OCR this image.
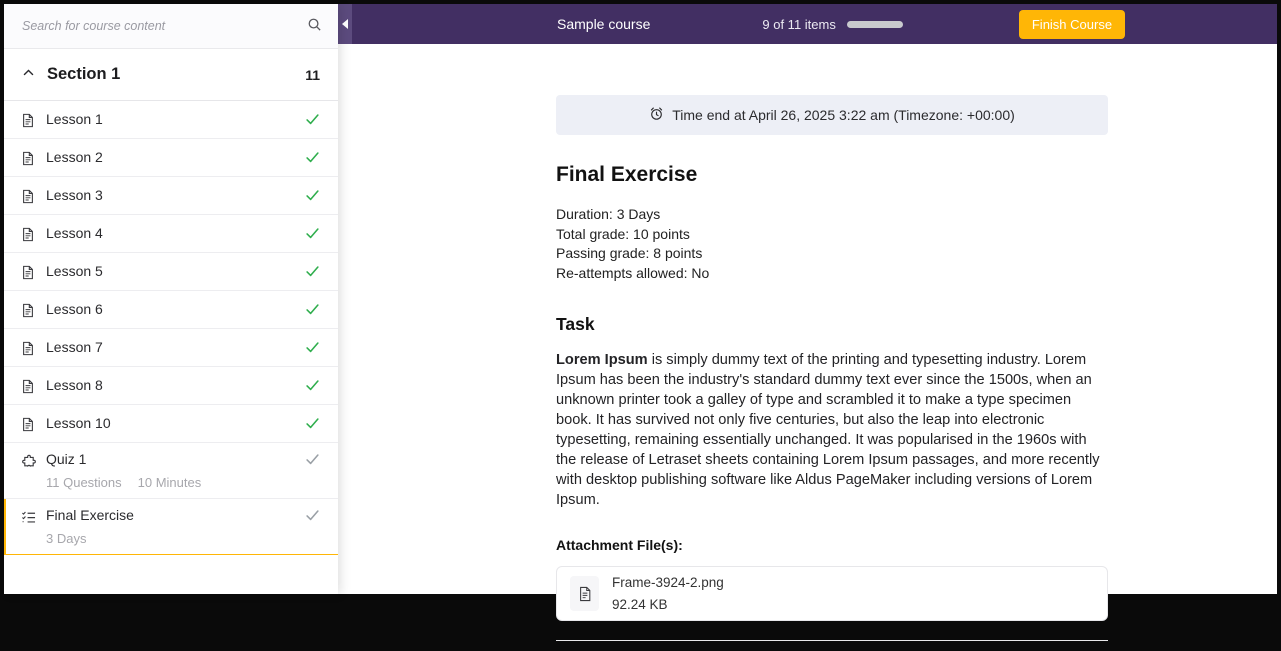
Search for course content
Section 1	11
Lesson 1
Lesson 2
Lesson 3
Lesson 4
Lesson 5
Lesson 6
Lesson 7
Lesson 8
Lesson 10
Quiz 1
11 Questions 10 Minutes
Final Exercise
3 Days
Sample course	9 of 11 items	Finish Course
Time end at April 26, 2025 3:22 am (Timezone: +00:00)
Final Exercise

Duration: 3 Days

Total grade: 10 points

Passing grade: 8 points

Re-attempts allowed: No

Task

Lorem Ipsum is simply dummy text of the printing and typesetting industry. Lorem Ipsum has been the industry's standard dummy text ever since the 1500s, when an unknown printer took a galley of type and scrambled it to make a type specimen book. It has survived not only five centuries, but also the leap into electronic typesetting, remaining essentially unchanged. It was popularised in the 1960s with the release of Letraset sheets containing Lorem Ipsum passages, and more recently with desktop publishing software like Aldus PageMaker including versions of Lorem Ipsum.

Attachment File(s):

Frame-3924-2.png
92.24 KB
